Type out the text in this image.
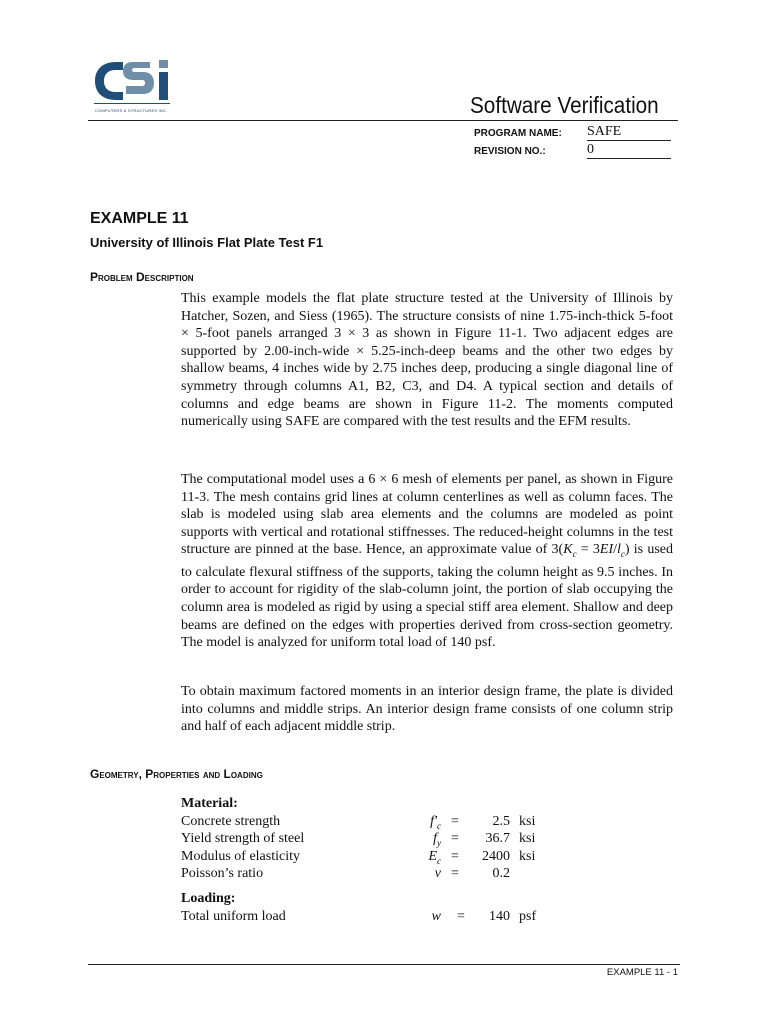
COMPUTERS & STRUCTURES INC.	Software Verification
PROGRAM NAME: SAFE
REVISION NO.:	0
EXAMPLE 11
University of Illinois Flat Plate Test F1
Problem Description

This example models the flat plate structure tested at the University of Illinois by Hatcher, Sozen, and Siess (1965). The structure consists of nine 1.75-inch-thick 5-foot × 5-foot panels arranged 3 × 3 as shown in Figure 11-1. Two adjacent edges are supported by 2.00-inch-wide × 5.25-inch-deep beams and the other two edges by shallow beams, 4 inches wide by 2.75 inches deep, producing a single diagonal line of symmetry through columns A1, B2, C3, and D4. A typical section and details of columns and edge beams are shown in Figure 11-2. The moments computed numerically using SAFE are compared with the test results and the EFM results.

The computational model uses a 6 × 6 mesh of elements per panel, as shown in Figure 11-3. The mesh contains grid lines at column centerlines as well as column faces. The slab is modeled using slab area elements and the columns are modeled as point supports with vertical and rotational stiffnesses. The reduced-height columns in the test structure are pinned at the base. Hence, an approximate value of $3(K_c = 3EI/l_c)$ is used to calculate flexural stiffness of the supports, taking the column height as 9.5 inches. In order to account for rigidity of the slab-column joint, the portion of slab occupying the column area is modeled as rigid by using a special stiff area element. Shallow and deep beams are defined on the edges with properties derived from cross-section geometry. The model is analyzed for uniform total load of 140 psf.

To obtain maximum factored moments in an interior design frame, the plate is divided into columns and middle strips. An interior design frame consists of one column strip and half of each adjacent middle strip.

Geometry, Properties and Loading
Material:
Concrete strength	$f'_c$ =	2.5 ksi
Yield strength of steel	$f_y$ =	36.7 ksi
Modulus of elasticity	$E_c$ =	2400 ksi
Poisson’s ratio	v =	0.2
Loading:
Total uniform load	w =	140 psf
EXAMPLE 11 - 1
